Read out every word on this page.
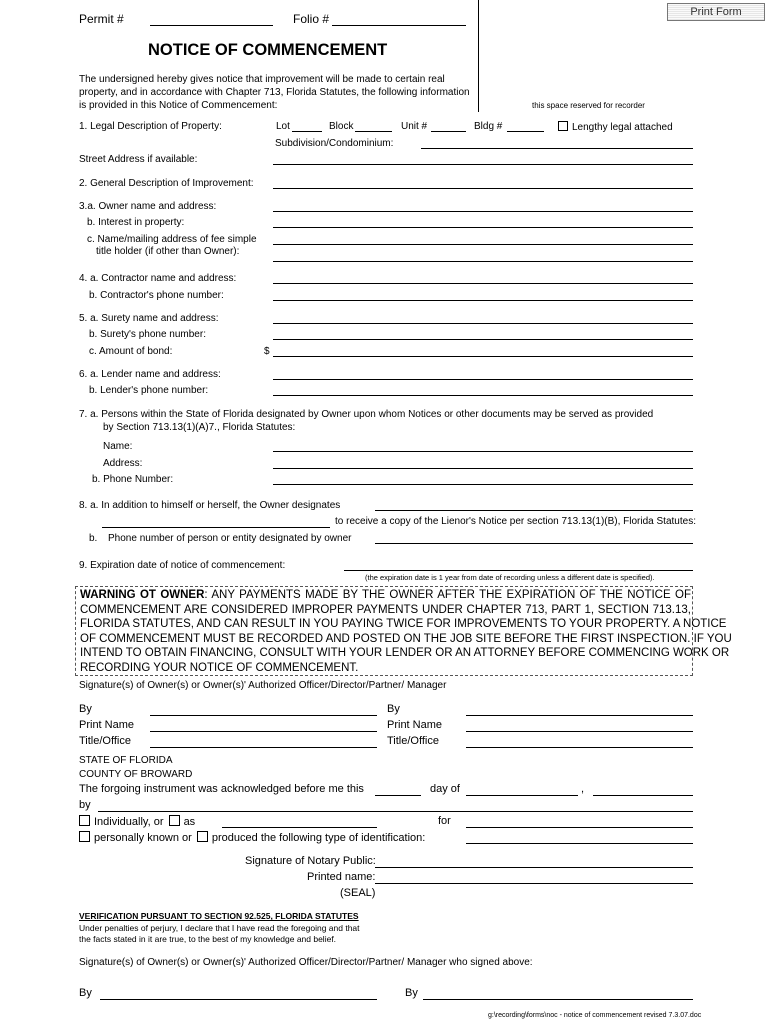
Print Form
this space reserved for recorder
Permit #	Folio #
NOTICE OF COMMENCEMENT
The undersigned hereby gives notice that improvement will be made to certain real
property, and in accordance with Chapter 713, Florida Statutes, the following information
is provided in this Notice of Commencement:
1. Legal Description of Property:	Lot	Block	Unit #	Bldg #	Lengthy legal attached
Subdivision/Condominium:
Street Address if available:
2. General Description of Improvement:
3.a. Owner name and address:
b. Interest in property:
c. Name/mailing address of fee simple
title holder (if other than Owner):
4. a. Contractor name and address:
b. Contractor's phone number:
5. a. Surety name and address:
b. Surety's phone number:
c. Amount of bond:	$
6. a. Lender name and address:
b. Lender's phone number:
7. a. Persons within the State of Florida designated by Owner upon whom Notices or other documents may be served as provided
by Section 713.13(1)(A)7., Florida Statutes:
Name:
Address:
b. Phone Number:
8. a. In addition to himself or herself, the Owner designates
to receive a copy of the Lienor's Notice per section 713.13(1)(B), Florida Statutes:
b. Phone number of person or entity designated by owner
9. Expiration date of notice of commencement:
(the expiration date is 1 year from date of recording unless a different date is specified).
WARNING OT OWNER: ANY PAYMENTS MADE BY THE OWNER AFTER THE EXPIRATION OF THE NOTICE OF
COMMENCEMENT ARE CONSIDERED IMPROPER PAYMENTS UNDER CHAPTER 713, PART 1, SECTION 713.13,
FLORIDA STATUTES, AND CAN RESULT IN YOU PAYING TWICE FOR IMPROVEMENTS TO YOUR PROPERTY. A NOTICE
OF COMMENCEMENT MUST BE RECORDED AND POSTED ON THE JOB SITE BEFORE THE FIRST INSPECTION. IF YOU
INTEND TO OBTAIN FINANCING, CONSULT WITH YOUR LENDER OR AN ATTORNEY BEFORE COMMENCING WORK OR
RECORDING YOUR NOTICE OF COMMENCEMENT.
Signature(s) of Owner(s) or Owner(s)' Authorized Officer/Director/Partner/ Manager
By
Print Name
Title/Office
By
Print Name
Title/Office
STATE OF FLORIDA
COUNTY OF BROWARD
The forgoing instrument was acknowledged before me this	day of	,
by
Individually, or as	for
personally known or produced the following type of identification:
Signature of Notary Public:
Printed name:
(SEAL)
VERIFICATION PURSUANT TO SECTION 92.525, FLORIDA STATUTES
Under penalties of perjury, I declare that I have read the foregoing and that
the facts stated in it are true, to the best of my knowledge and belief.
Signature(s) of Owner(s) or Owner(s)' Authorized Officer/Director/Partner/ Manager who signed above:
By	By
g:\recording\forms\noc - notice of commencement revised 7.3.07.doc
